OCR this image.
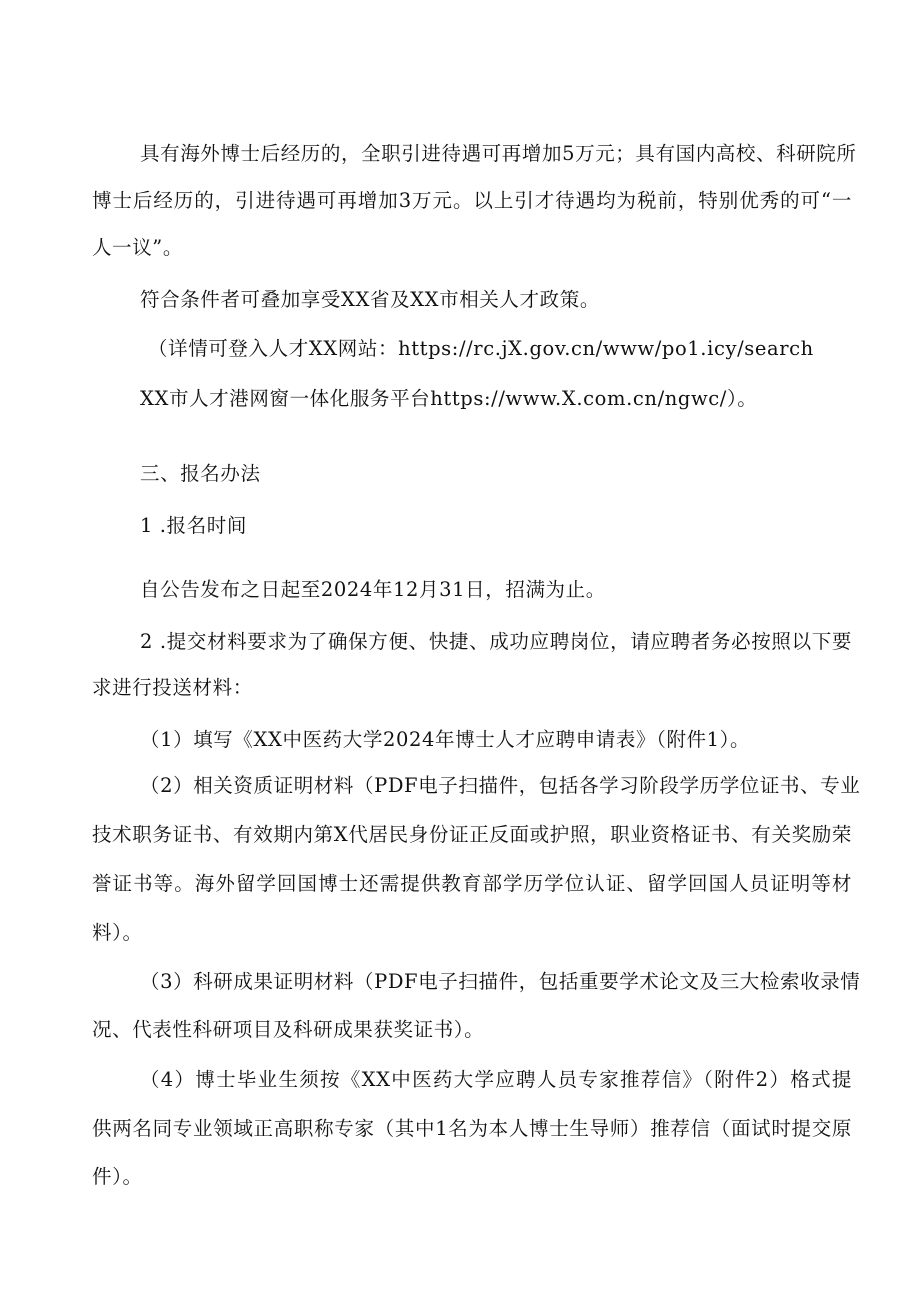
具有海外博士后经历的，全职引进待遇可再增加5万元；具有国内高校、科研院所

博士后经历的，引进待遇可再增加3万元。以上引才待遇均为税前，特别优秀的可“一

人一议”。

符合条件者可叠加享受XX省及XX市相关人才政策。

（详情可登入人才XX网站：https://rc.jX.gov.cn/www/po1.icy/search

XX市人才港网窗一体化服务平台https://www.X.com.cn/ngwc/）。

三、报名办法

1 .报名时间

自公告发布之日起至2024年12月31日，招满为止。

2 .提交材料要求为了确保方便、快捷、成功应聘岗位，请应聘者务必按照以下要

求进行投送材料：

（1）填写《XX中医药大学2024年博士人才应聘申请表》（附件1）。

（2）相关资质证明材料（PDF电子扫描件，包括各学习阶段学历学位证书、专业

技术职务证书、有效期内第X代居民身份证正反面或护照，职业资格证书、有关奖励荣

誉证书等。海外留学回国博士还需提供教育部学历学位认证、留学回国人员证明等材

料）。

（3）科研成果证明材料（PDF电子扫描件，包括重要学术论文及三大检索收录情

况、代表性科研项目及科研成果获奖证书）。

（4）博士毕业生须按《XX中医药大学应聘人员专家推荐信》（附件2）格式提

供两名同专业领域正高职称专家（其中1名为本人博士生导师）推荐信（面试时提交原

件）。
